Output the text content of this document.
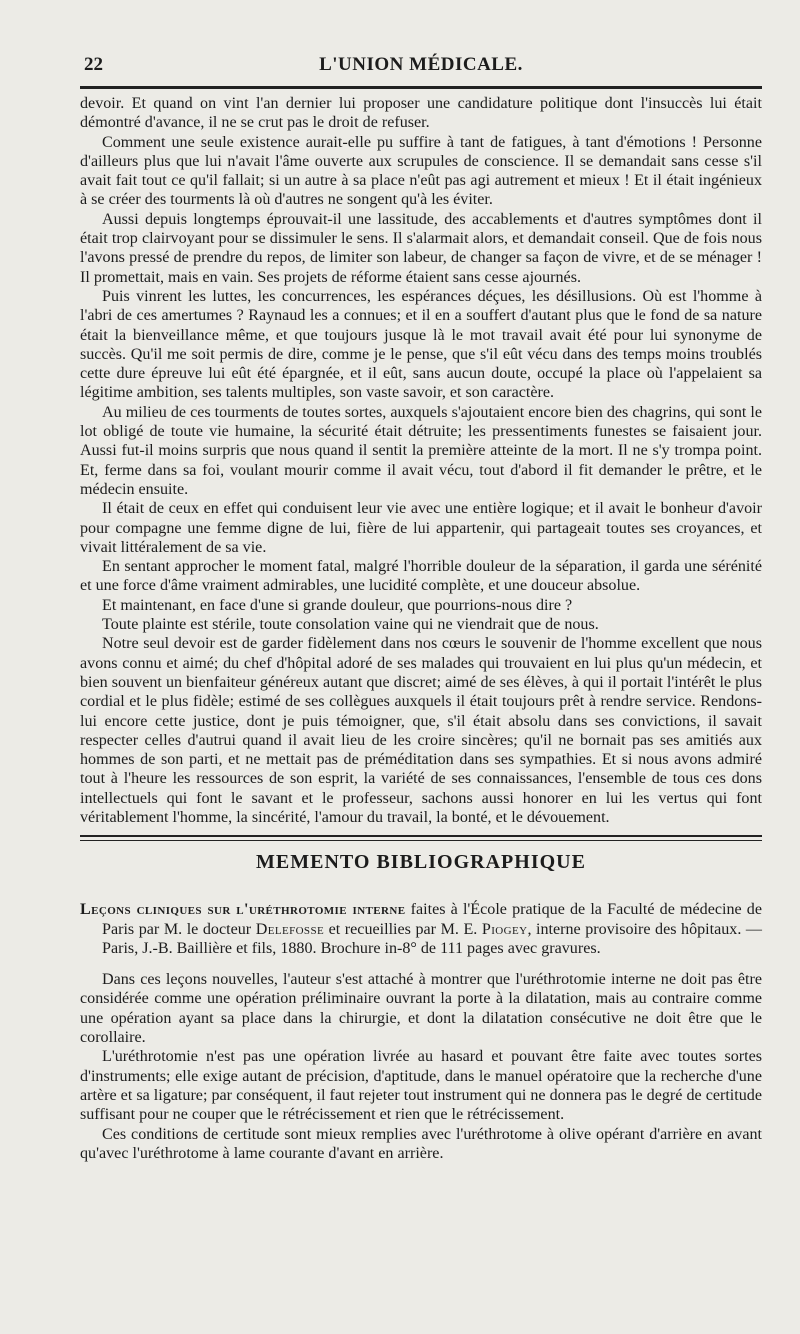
22	L'UNION MÉDICALE.

devoir. Et quand on vint l'an dernier lui proposer une candidature politique dont l'insuccès lui était démontré d'avance, il ne se crut pas le droit de refuser.

Comment une seule existence aurait-elle pu suffire à tant de fatigues, à tant d'émotions ! Personne d'ailleurs plus que lui n'avait l'âme ouverte aux scrupules de conscience. Il se demandait sans cesse s'il avait fait tout ce qu'il fallait; si un autre à sa place n'eût pas agi autrement et mieux ! Et il était ingénieux à se créer des tourments là où d'autres ne songent qu'à les éviter.

Aussi depuis longtemps éprouvait-il une lassitude, des accablements et d'autres symptômes dont il était trop clairvoyant pour se dissimuler le sens. Il s'alarmait alors, et demandait conseil. Que de fois nous l'avons pressé de prendre du repos, de limiter son labeur, de changer sa façon de vivre, et de se ménager ! Il promettait, mais en vain. Ses projets de réforme étaient sans cesse ajournés.

Puis vinrent les luttes, les concurrences, les espérances déçues, les désillusions. Où est l'homme à l'abri de ces amertumes ? Raynaud les a connues; et il en a souffert d'autant plus que le fond de sa nature était la bienveillance même, et que toujours jusque là le mot travail avait été pour lui synonyme de succès. Qu'il me soit permis de dire, comme je le pense, que s'il eût vécu dans des temps moins troublés cette dure épreuve lui eût été épargnée, et il eût, sans aucun doute, occupé la place où l'appelaient sa légitime ambition, ses talents multiples, son vaste savoir, et son caractère.

Au milieu de ces tourments de toutes sortes, auxquels s'ajoutaient encore bien des chagrins, qui sont le lot obligé de toute vie humaine, la sécurité était détruite; les pressentiments funestes se faisaient jour. Aussi fut-il moins surpris que nous quand il sentit la première atteinte de la mort. Il ne s'y trompa point. Et, ferme dans sa foi, voulant mourir comme il avait vécu, tout d'abord il fit demander le prêtre, et le médecin ensuite.

Il était de ceux en effet qui conduisent leur vie avec une entière logique; et il avait le bonheur d'avoir pour compagne une femme digne de lui, fière de lui appartenir, qui partageait toutes ses croyances, et vivait littéralement de sa vie.

En sentant approcher le moment fatal, malgré l'horrible douleur de la séparation, il garda une sérénité et une force d'âme vraiment admirables, une lucidité complète, et une douceur absolue.

Et maintenant, en face d'une si grande douleur, que pourrions-nous dire ?

Toute plainte est stérile, toute consolation vaine qui ne viendrait que de nous.

Notre seul devoir est de garder fidèlement dans nos cœurs le souvenir de l'homme excellent que nous avons connu et aimé; du chef d'hôpital adoré de ses malades qui trouvaient en lui plus qu'un médecin, et bien souvent un bienfaiteur généreux autant que discret; aimé de ses élèves, à qui il portait l'intérêt le plus cordial et le plus fidèle; estimé de ses collègues auxquels il était toujours prêt à rendre service. Rendons-lui encore cette justice, dont je puis témoigner, que, s'il était absolu dans ses convictions, il savait respecter celles d'autrui quand il avait lieu de les croire sincères; qu'il ne bornait pas ses amitiés aux hommes de son parti, et ne mettait pas de préméditation dans ses sympathies. Et si nous avons admiré tout à l'heure les ressources de son esprit, la variété de ses connaissances, l'ensemble de tous ces dons intellectuels qui font le savant et le professeur, sachons aussi honorer en lui les vertus qui font véritablement l'homme, la sincérité, l'amour du travail, la bonté, et le dévouement.

MEMENTO BIBLIOGRAPHIQUE

Leçons cliniques sur l'uréthrotomie interne faites à l'École pratique de la Faculté de médecine de Paris par M. le docteur Delefosse et recueillies par M. E. Piogey, interne provisoire des hôpitaux. — Paris, J.-B. Baillière et fils, 1880. Brochure in-8° de 111 pages avec gravures.

Dans ces leçons nouvelles, l'auteur s'est attaché à montrer que l'uréthrotomie interne ne doit pas être considérée comme une opération préliminaire ouvrant la porte à la dilatation, mais au contraire comme une opération ayant sa place dans la chirurgie, et dont la dilatation consécutive ne doit être que le corollaire.

L'uréthrotomie n'est pas une opération livrée au hasard et pouvant être faite avec toutes sortes d'instruments; elle exige autant de précision, d'aptitude, dans le manuel opératoire que la recherche d'une artère et sa ligature; par conséquent, il faut rejeter tout instrument qui ne donnera pas le degré de certitude suffisant pour ne couper que le rétrécissement et rien que le rétrécissement.

Ces conditions de certitude sont mieux remplies avec l'uréthrotome à olive opérant d'arrière en avant qu'avec l'uréthrotome à lame courante d'avant en arrière.
